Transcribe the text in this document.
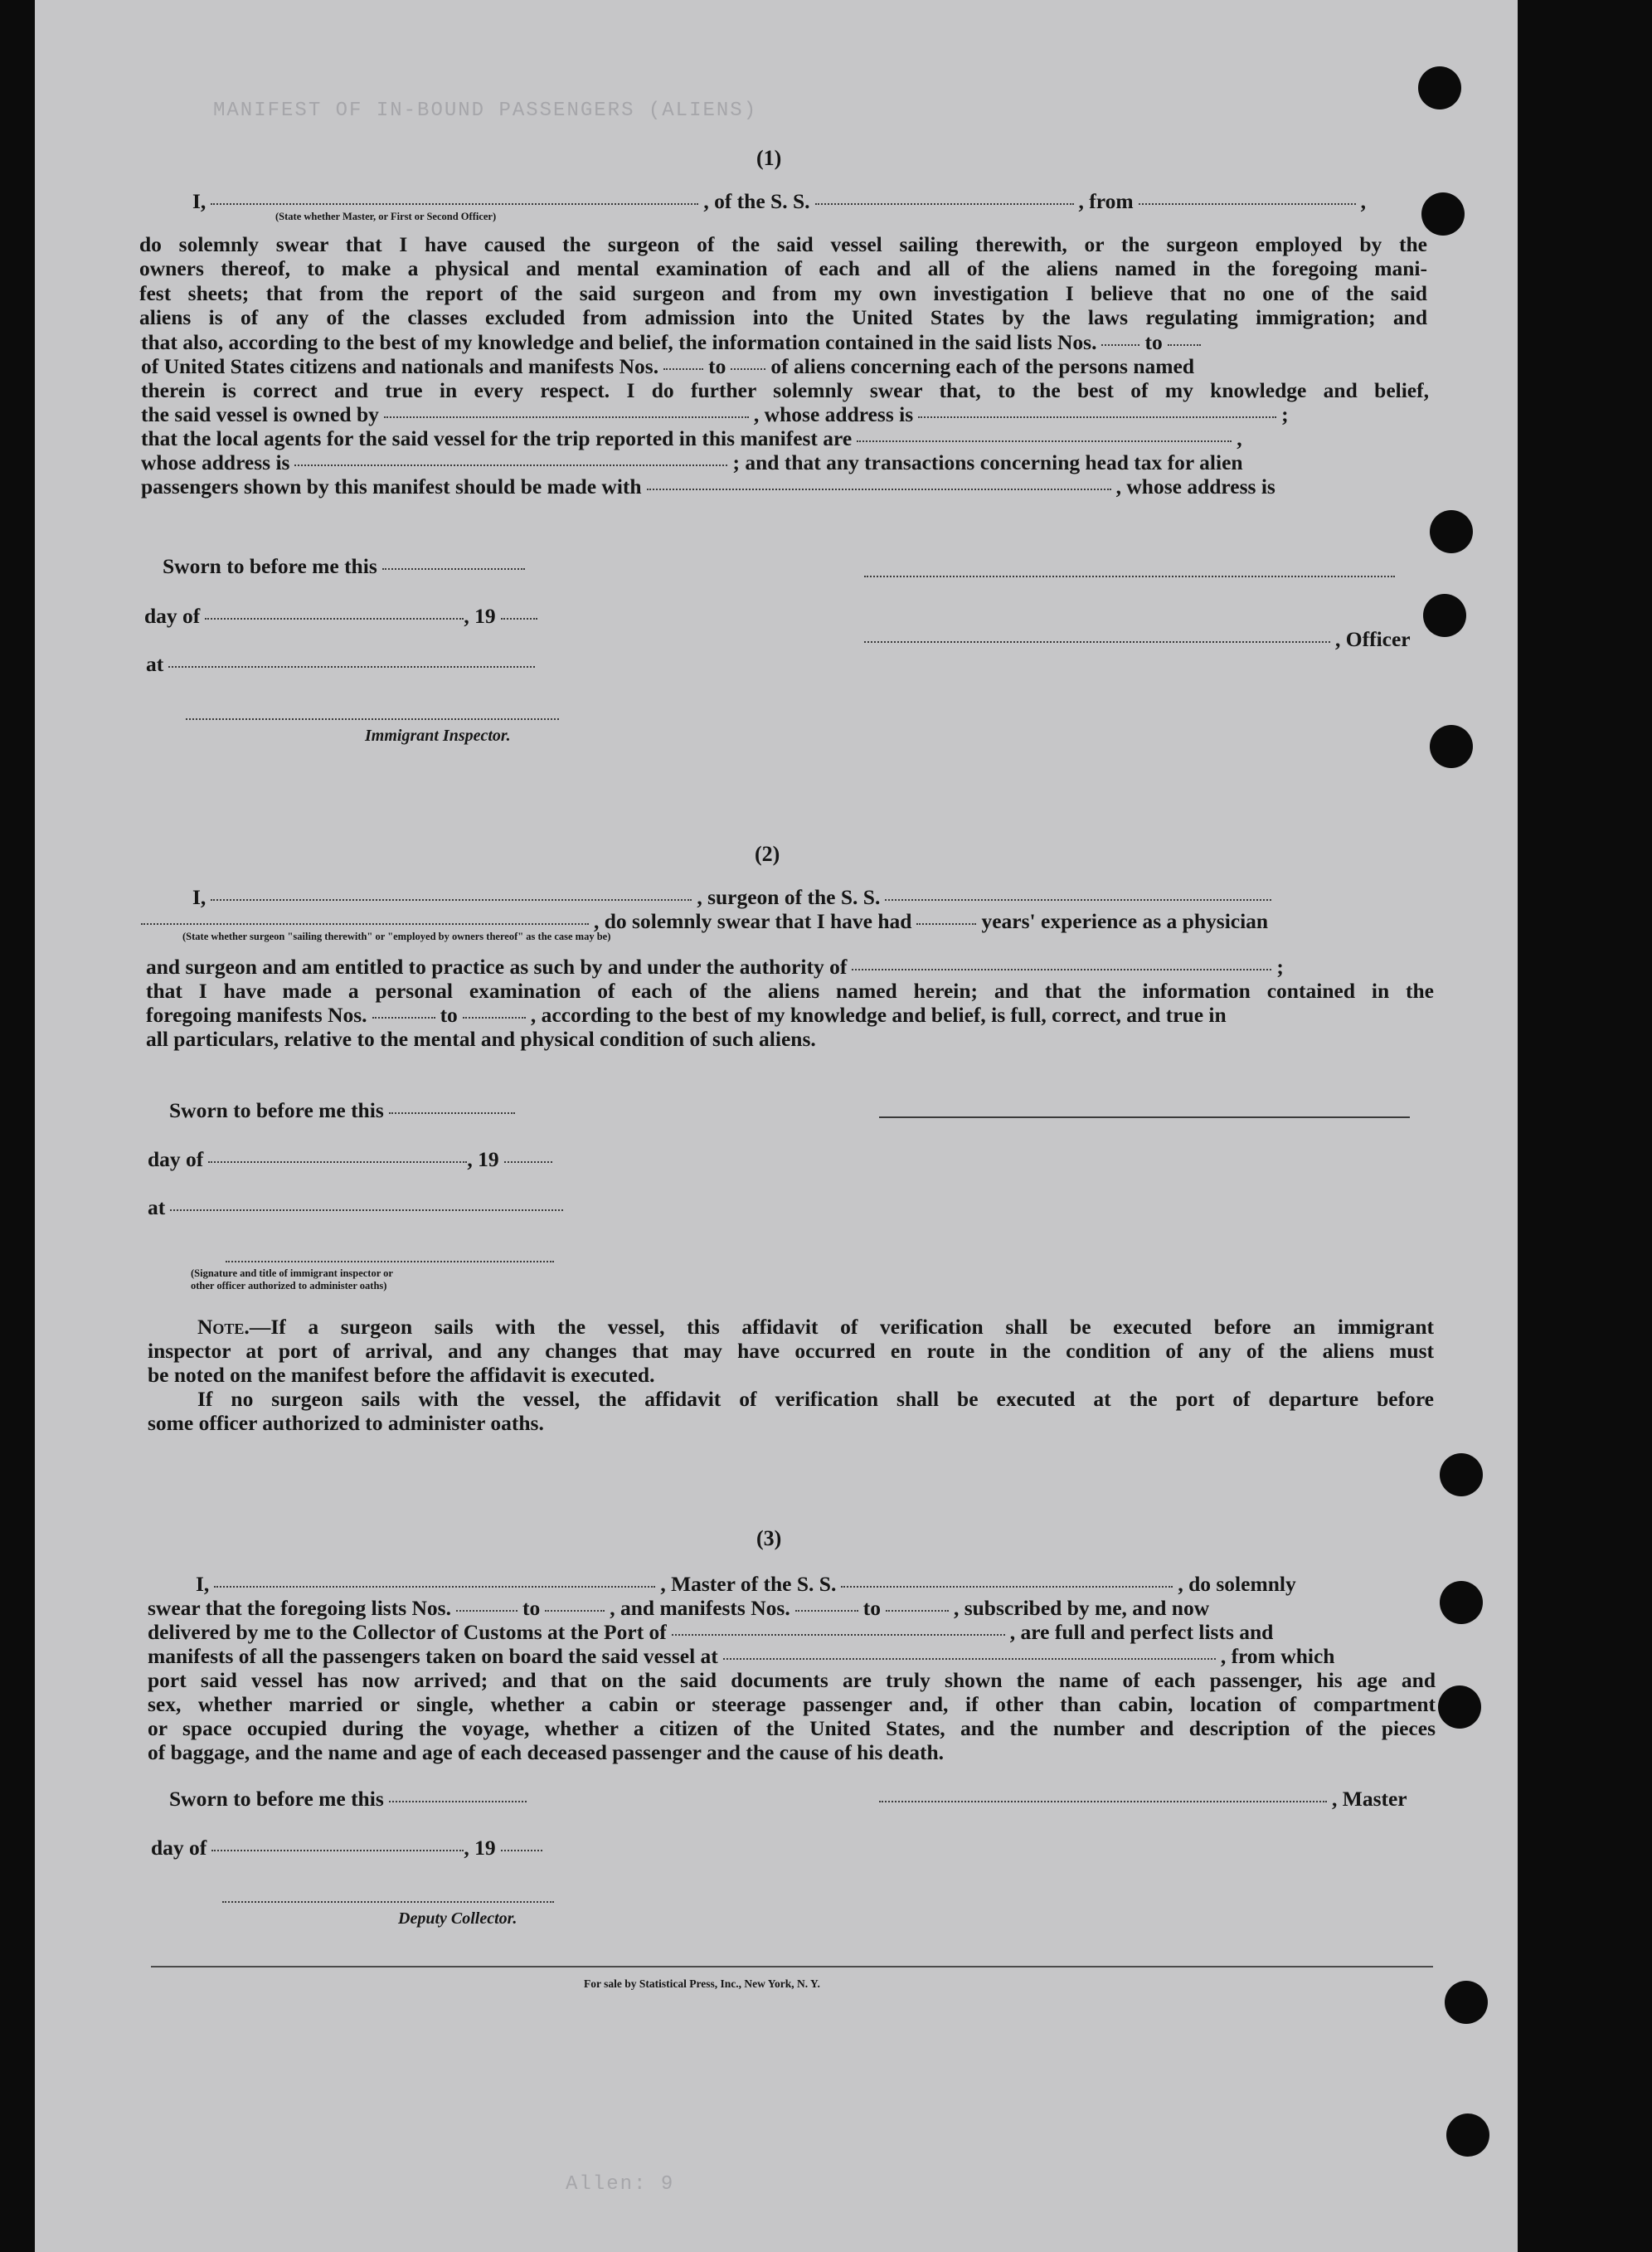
MANIFEST OF IN-BOUND PASSENGERS (ALIENS)
Allen: 9
(1)
I,	, of the S. S.	, from	,
(State whether Master, or First or Second Officer)
do solemnly swear that I have caused the surgeon of the said vessel sailing therewith, or the surgeon employed by the
owners thereof, to make a physical and mental examination of each and all of the aliens named in the foregoing mani-
fest sheets; that from the report of the said surgeon and from my own investigation I believe that no one of the said
aliens is of any of the classes excluded from admission into the United States by the laws regulating immigration; and
that also, according to the best of my knowledge and belief, the information contained in the said lists Nos. to
of United States citizens and nationals and manifests Nos. to of aliens concerning each of the persons named
therein is correct and true in every respect. I do further solemnly swear that, to the best of my knowledge and belief,
the said vessel is owned by	, whose address is	;
that the local agents for the said vessel for the trip reported in this manifest are	,
whose address is	; and that any transactions concerning head tax for alien
passengers shown by this manifest should be made with	, whose address is
Sworn to before me this
day of	, 19
, Officer
at
Immigrant Inspector.
(2)
I,	, surgeon of the S. S.
, do solemnly swear that I have had	years' experience as a physician
(State whether surgeon "sailing therewith" or "employed by owners thereof" as the case may be)
and surgeon and am entitled to practice as such by and under the authority of	;
that I have made a personal examination of each of the aliens named herein; and that the information contained in the
foregoing manifests Nos.	to	, according to the best of my knowledge and belief, is full, correct, and true in
all particulars, relative to the mental and physical condition of such aliens.
Sworn to before me this
day of	, 19
at
(Signature and title of immigrant inspector or
other officer authorized to administer oaths)
Note.—If a surgeon sails with the vessel, this affidavit of verification shall be executed before an immigrant
inspector at port of arrival, and any changes that may have occurred en route in the condition of any of the aliens must
be noted on the manifest before the affidavit is executed.
If no surgeon sails with the vessel, the affidavit of verification shall be executed at the port of departure before
some officer authorized to administer oaths.
(3)
I,	, Master of the S. S.	, do solemnly
swear that the foregoing lists Nos.	to	, and manifests Nos.	to	, subscribed by me, and now
delivered by me to the Collector of Customs at the Port of	, are full and perfect lists and
manifests of all the passengers taken on board the said vessel at	, from which
port said vessel has now arrived; and that on the said documents are truly shown the name of each passenger, his age and
sex, whether married or single, whether a cabin or steerage passenger and, if other than cabin, location of compartment
or space occupied during the voyage, whether a citizen of the United States, and the number and description of the pieces
of baggage, and the name and age of each deceased passenger and the cause of his death.
Sworn to before me this	, Master
day of	, 19
Deputy Collector.
For sale by Statistical Press, Inc., New York, N. Y.
